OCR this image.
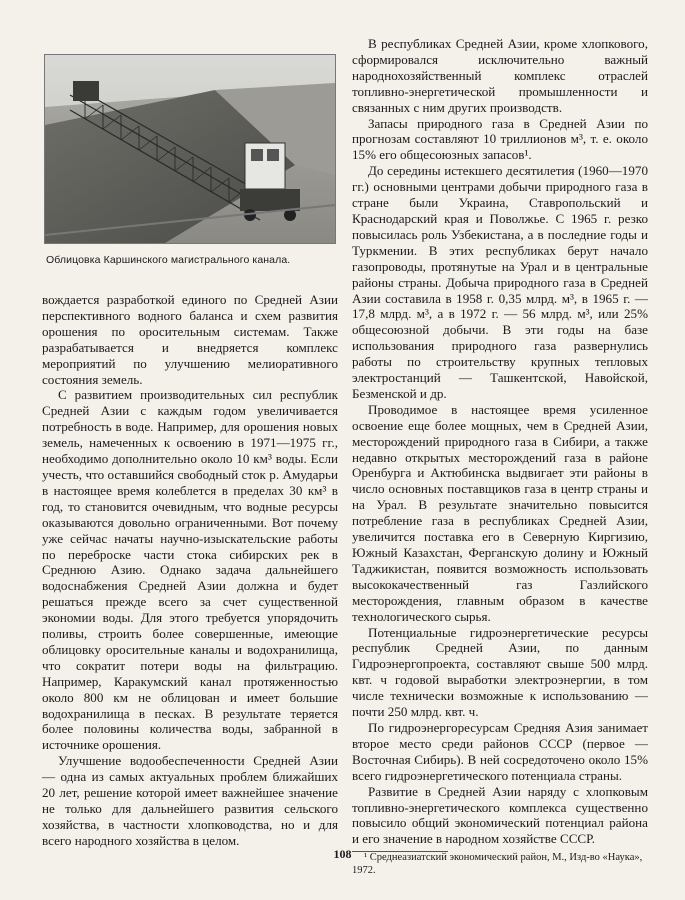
Облицовка Каршинского магистрального канала.

вождается разработкой единого по Средней Азии перспективного водного баланса и схем развития орошения по оросительным системам. Также разрабатывается и внедряется комплекс мероприятий по улучшению мелиоративного состояния земель.

С развитием производительных сил республик Средней Азии с каждым годом увеличивается потребность в воде. Например, для орошения новых земель, намеченных к освоению в 1971—1975 гг., необходимо дополнительно около 10 км³ воды. Если учесть, что оставшийся свободный сток р. Амударьи в настоящее время колеблется в пределах 30 км³ в год, то становится очевидным, что водные ресурсы оказываются довольно ограниченными. Вот почему уже сейчас начаты научно-изыскательские работы по переброске части стока сибирских рек в Среднюю Азию. Однако задача дальнейшего водоснабжения Средней Азии должна и будет решаться прежде всего за счет существенной экономии воды. Для этого требуется упорядочить поливы, строить более совершенные, имеющие облицовку оросительные каналы и водохранилища, что сократит потери воды на фильтрацию. Например, Каракумский канал протяженностью около 800 км не облицован и имеет большие водохранилища в песках. В результате теряется более половины количества воды, забранной в источнике орошения.

Улучшение водообеспеченности Средней Азии — одна из самых актуальных проблем ближайших 20 лет, решение которой имеет важнейшее значение не только для дальнейшего развития сельского хозяйства, в частности хлопководства, но и для всего народного хозяйства в целом.

В республиках Средней Азии, кроме хлопкового, сформировался исключительно важный народнохозяйственный комплекс отраслей топливно-энергетической промышленности и связанных с ним других производств.

Запасы природного газа в Средней Азии по прогнозам составляют 10 триллионов м³, т. е. около 15% его общесоюзных запасов¹.

До середины истекшего десятилетия (1960—1970 гг.) основными центрами добычи природного газа в стране были Украина, Ставропольский и Краснодарский края и Поволжье. С 1965 г. резко повысилась роль Узбекистана, а в последние годы и Туркмении. В этих республиках берут начало газопроводы, протянутые на Урал и в центральные районы страны. Добыча природного газа в Средней Азии составила в 1958 г. 0,35 млрд. м³, в 1965 г. — 17,8 млрд. м³, а в 1972 г. — 56 млрд. м³, или 25% общесоюзной добычи. В эти годы на базе использования природного газа развернулись работы по строительству крупных тепловых электростанций — Ташкентской, Навойской, Безменской и др.

Проводимое в настоящее время усиленное освоение еще более мощных, чем в Средней Азии, месторождений природного газа в Сибири, а также недавно открытых месторождений газа в районе Оренбурга и Актюбинска выдвигает эти районы в число основных поставщиков газа в центр страны и на Урал. В результате значительно повысится потребление газа в республиках Средней Азии, увеличится поставка его в Северную Киргизию, Южный Казахстан, Ферганскую долину и Южный Таджикистан, появится возможность использовать высококачественный газ Газлийского месторождения, главным образом в качестве технологического сырья.

Потенциальные гидроэнергетические ресурсы республик Средней Азии, по данным Гидроэнергопроекта, составляют свыше 500 млрд. квт. ч годовой выработки электроэнергии, в том числе технически возможные к использованию — почти 250 млрд. квт. ч.

По гидроэнергоресурсам Средняя Азия занимает второе место среди районов СССР (первое — Восточная Сибирь). В ней сосредоточено около 15% всего гидроэнергетического потенциала страны.

Развитие в Средней Азии наряду с хлопковым топливно-энергетического комплекса существенно повысило общий экономический потенциал района и его значение в народном хозяйстве СССР.

¹ Среднеазиатский экономический район, М., Изд-во «Наука», 1972.
108
